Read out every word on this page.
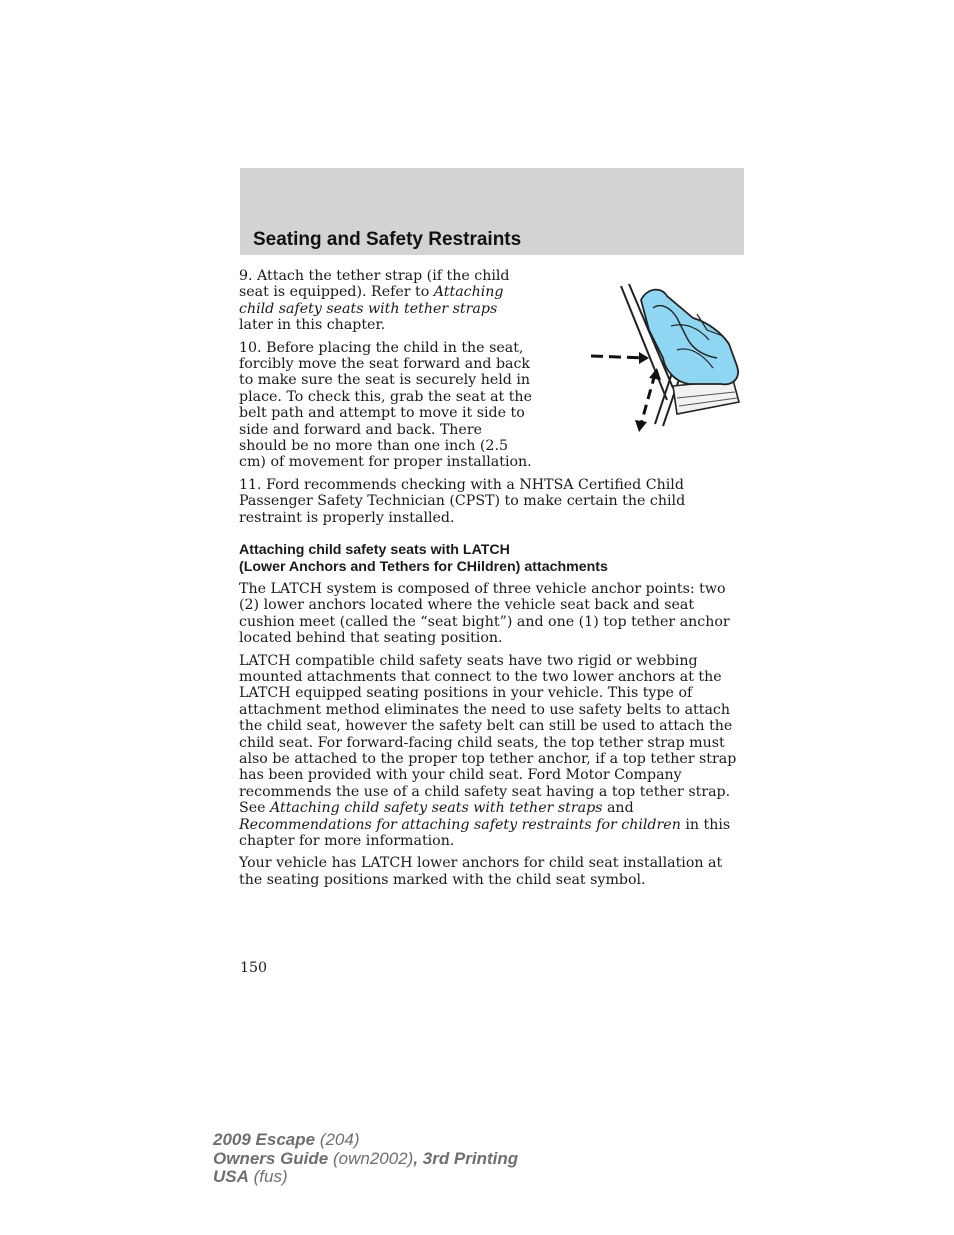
Seating and Safety Restraints

9. Attach the tether strap (if the child seat is equipped). Refer to Attaching child safety seats with tether straps later in this chapter.

10. Before placing the child in the seat, forcibly move the seat forward and back to make sure the seat is securely held in place. To check this, grab the seat at the belt path and attempt to move it side to side and forward and back. There should be no more than one inch (2.5 cm) of movement for proper installation.

11. Ford recommends checking with a NHTSA Certified Child Passenger Safety Technician (CPST) to make certain the child restraint is properly installed.

Attaching child safety seats with LATCH
(Lower Anchors and Tethers for CHildren) attachments

The LATCH system is composed of three vehicle anchor points: two (2) lower anchors located where the vehicle seat back and seat cushion meet (called the “seat bight”) and one (1) top tether anchor located behind that seating position.

LATCH compatible child safety seats have two rigid or webbing mounted attachments that connect to the two lower anchors at the LATCH equipped seating positions in your vehicle. This type of attachment method eliminates the need to use safety belts to attach the child seat, however the safety belt can still be used to attach the child seat. For forward-facing child seats, the top tether strap must also be attached to the proper top tether anchor, if a top tether strap has been provided with your child seat. Ford Motor Company recommends the use of a child safety seat having a top tether strap. See Attaching child safety seats with tether straps and Recommendations for attaching safety restraints for children in this chapter for more information.

Your vehicle has LATCH lower anchors for child seat installation at the seating positions marked with the child seat symbol.

150
2009 Escape (204)
Owners Guide (own2002), 3rd Printing
USA (fus)
